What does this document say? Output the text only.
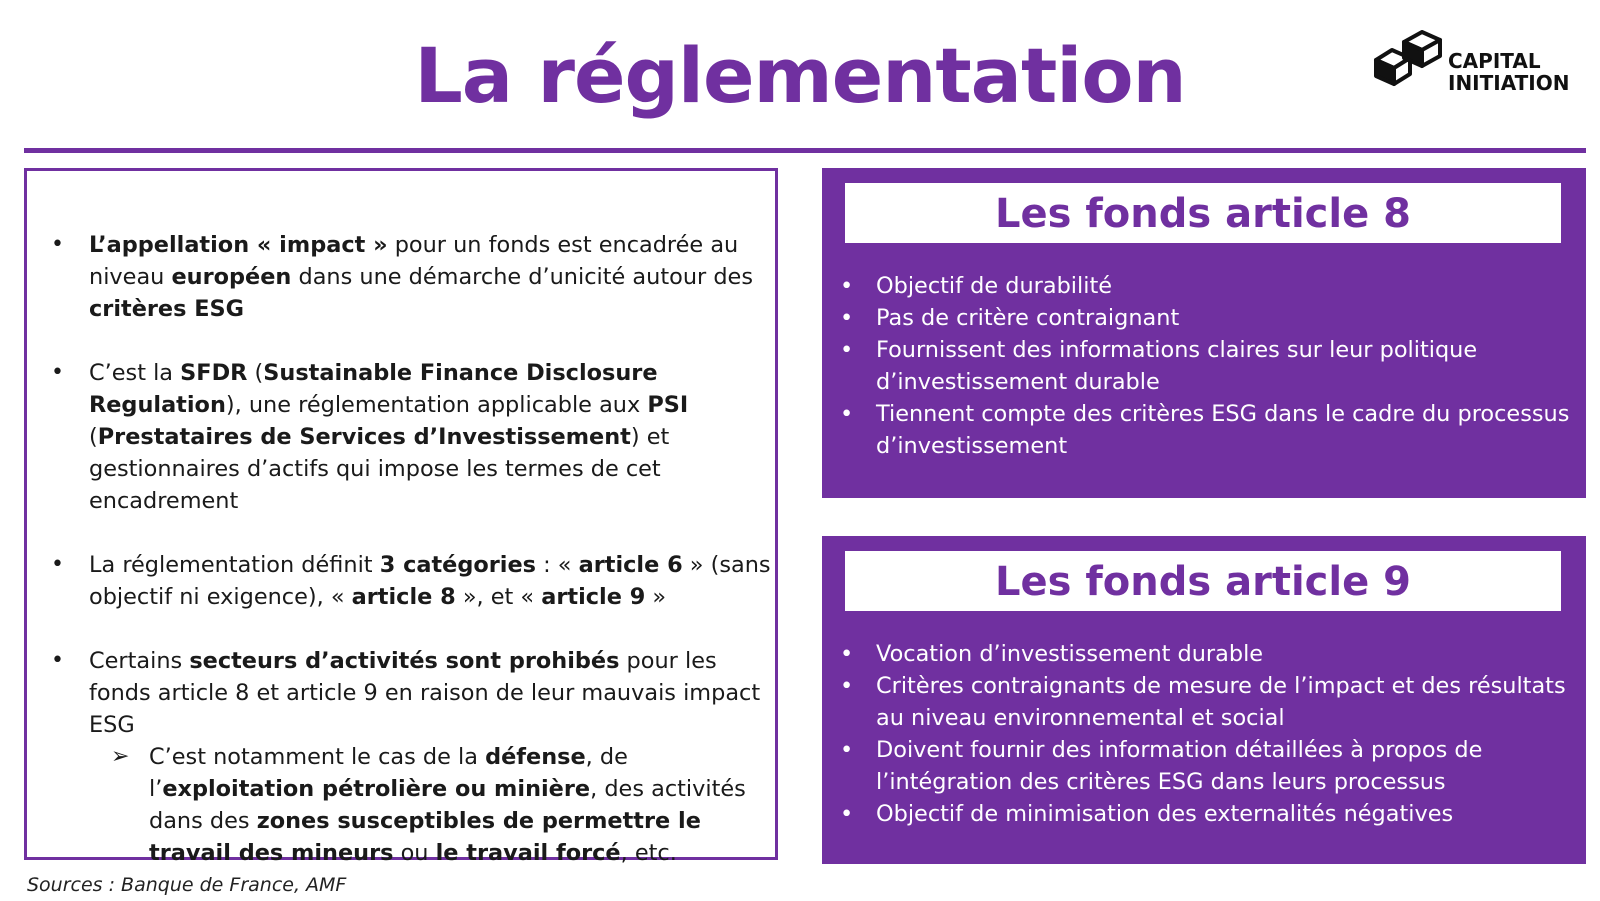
La réglementation	CAPITAL
INITIATION
• L’appellation « impact » pour un fonds est encadrée au niveau européen dans une démarche d’unicité autour des critères ESG
• C’est la SFDR (Sustainable Finance Disclosure Regulation), une réglementation applicable aux PSI (Prestataires de Services d’Investissement) et gestionnaires d’actifs qui impose les termes de cet encadrement
• La réglementation définit 3 catégories : « article 6 » (sans objectif ni exigence), « article 8 », et « article 9 »
• Certains secteurs d’activités sont prohibés pour les fonds article 8 et article 9 en raison de leur mauvais impact ESG
➢ C’est notamment le cas de la défense, de l’exploitation pétrolière ou minière, des activités dans des zones susceptibles de permettre le travail des mineurs ou le travail forcé, etc.
Les fonds article 8
• Objectif de durabilité
• Pas de critère contraignant
• Fournissent des informations claires sur leur politique d’investissement durable
• Tiennent compte des critères ESG dans le cadre du processus d’investissement
Les fonds article 9
• Vocation d’investissement durable
• Critères contraignants de mesure de l’impact et des résultats au niveau environnemental et social
• Doivent fournir des information détaillées à propos de l’intégration des critères ESG dans leurs processus
• Objectif de minimisation des externalités négatives
Sources : Banque de France, AMF
